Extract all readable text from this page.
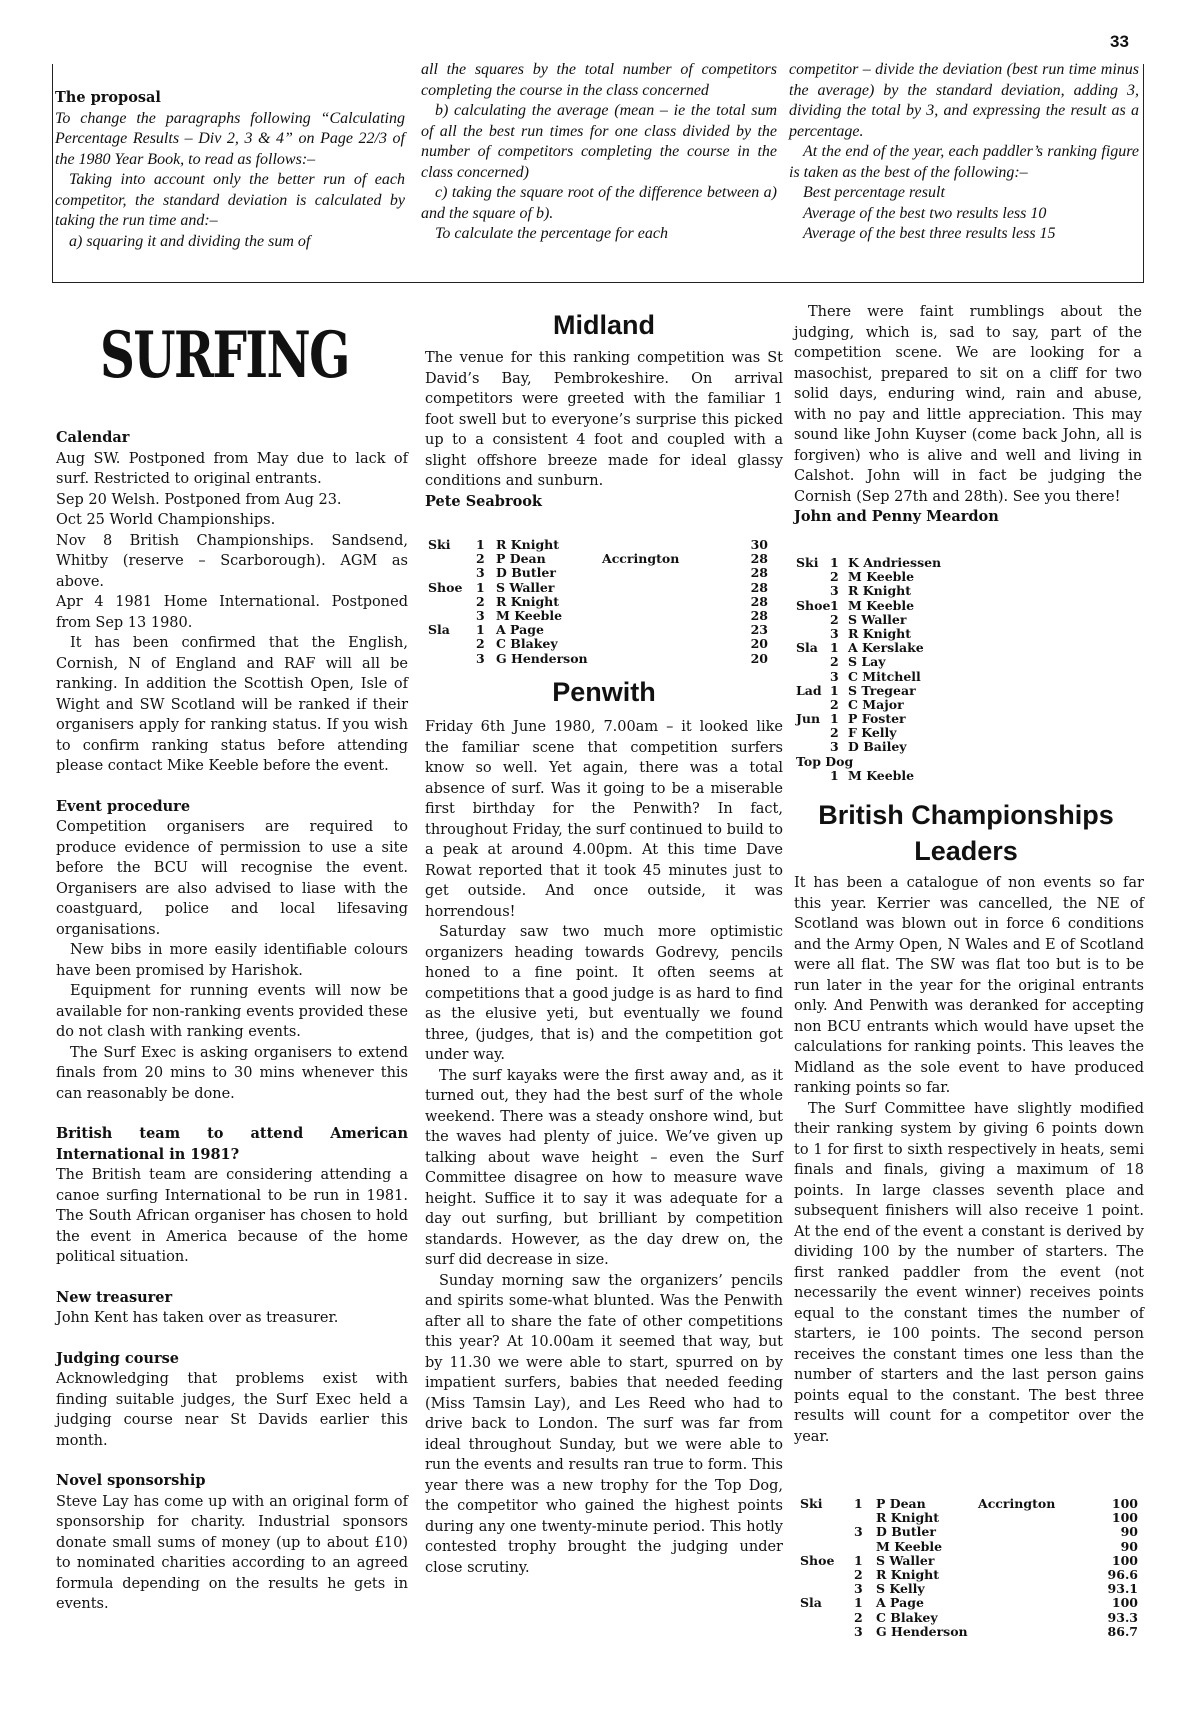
33

The proposal

To change the paragraphs following “Calculating Percentage Results – Div 2, 3 & 4” on Page 22/3 of the 1980 Year Book, to read as follows:–

Taking into account only the better run of each competitor, the standard deviation is calculated by taking the run time and:–

a) squaring it and dividing the sum of

all the squares by the total number of competitors completing the course in the class concerned

b) calculating the average (mean – ie the total sum of all the best run times for one class divided by the number of competitors completing the course in the class concerned)

c) taking the square root of the difference between a) and the square of b).

To calculate the percentage for each

competitor – divide the deviation (best run time minus the average) by the standard deviation, adding 3, dividing the total by 3, and expressing the result as a percentage.

At the end of the year, each paddler’s ranking figure is taken as the best of the following:–

Best percentage result

Average of the best two results less 10

Average of the best three results less 15

SURFING

Calendar

Aug SW. Postponed from May due to lack of surf. Restricted to original entrants.

Sep 20 Welsh. Postponed from Aug 23.

Oct 25 World Championships.

Nov 8 British Championships. Sandsend, Whitby (reserve – Scarborough). AGM as above.

Apr 4 1981 Home International. Postponed from Sep 13 1980.

It has been confirmed that the English, Cornish, N of England and RAF will all be ranking. In addition the Scottish Open, Isle of Wight and SW Scotland will be ranked if their organisers apply for ranking status. If you wish to confirm ranking status before attending please contact Mike Keeble before the event.

Event procedure

Competition organisers are required to produce evidence of permission to use a site before the BCU will recognise the event. Organisers are also advised to liase with the coastguard, police and local lifesaving organisations.

New bibs in more easily identifiable colours have been promised by Harishok.

Equipment for running events will now be available for non-ranking events provided these do not clash with ranking events.

The Surf Exec is asking organisers to extend finals from 20 mins to 30 mins whenever this can reasonably be done.

British team to attend American International in 1981?

The British team are considering attending a canoe surfing International to be run in 1981. The South African organiser has chosen to hold the event in America because of the home political situation.

New treasurer

John Kent has taken over as treasurer.

Judging course

Acknowledging that problems exist with finding suitable judges, the Surf Exec held a judging course near St Davids earlier this month.

Novel sponsorship

Steve Lay has come up with an original form of sponsorship for charity. Industrial sponsors donate small sums of money (up to about £10) to nominated charities according to an agreed formula depending on the results he gets in events.

Midland

The venue for this ranking competition was St David’s Bay, Pembrokeshire. On arrival competitors were greeted with the familiar 1 foot swell but to everyone’s surprise this picked up to a consistent 4 foot and coupled with a slight offshore breeze made for ideal glassy conditions and sunburn.

Pete Seabrook

Ski 1 R Knight	30
2 P Dean	Accrington	28
3 D Butler	28
Shoe 1 S Waller	28
2 R Knight	28
3 M Keeble	28
Sla 1 A Page	23
2 C Blakey	20
3 G Henderson	20
Penwith

Friday 6th June 1980, 7.00am – it looked like the familiar scene that competition surfers know so well. Yet again, there was a total absence of surf. Was it going to be a miserable first birthday for the Penwith? In fact, throughout Friday, the surf continued to build to a peak at around 4.00pm. At this time Dave Rowat reported that it took 45 minutes just to get outside. And once outside, it was horrendous!

Saturday saw two much more optimistic organizers heading towards Godrevy, pencils honed to a fine point. It often seems at competitions that a good judge is as hard to find as the elusive yeti, but eventually we found three, (judges, that is) and the competition got under way.

The surf kayaks were the first away and, as it turned out, they had the best surf of the whole weekend. There was a steady onshore wind, but the waves had plenty of juice. We’ve given up talking about wave height – even the Surf Committee disagree on how to measure wave height. Suffice it to say it was adequate for a day out surfing, but brilliant by competition standards. However, as the day drew on, the surf did decrease in size.

Sunday morning saw the organizers’ pencils and spirits some-what blunted. Was the Penwith after all to share the fate of other competitions this year? At 10.00am it seemed that way, but by 11.30 we were able to start, spurred on by impatient surfers, babies that needed feeding (Miss Tamsin Lay), and Les Reed who had to drive back to London. The surf was far from ideal throughout Sunday, but we were able to run the events and results ran true to form. This year there was a new trophy for the Top Dog, the competitor who gained the highest points during any one twenty-minute period. This hotly contested trophy brought the judging under close scrutiny.

There were faint rumblings about the judging, which is, sad to say, part of the competition scene. We are looking for a masochist, prepared to sit on a cliff for two solid days, enduring wind, rain and abuse, with no pay and little appreciation. This may sound like John Kuyser (come back John, all is forgiven) who is alive and well and living in Calshot. John will in fact be judging the Cornish (Sep 27th and 28th). See you there!

John and Penny Meardon

Ski 1 K Andriessen
2 M Keeble
3 R Knight
Shoe 1 M Keeble
2 S Waller
3 R Knight
Sla 1 A Kerslake
2 S Lay
3 C Mitchell
Lad 1 S Tregear
2 C Major
Jun 1 P Foster
2 F Kelly
3 D Bailey
Top Dog
1 M Keeble
British Championships
Leaders

It has been a catalogue of non events so far this year. Kerrier was cancelled, the NE of Scotland was blown out in force 6 conditions and the Army Open, N Wales and E of Scotland were all flat. The SW was flat too but is to be run later in the year for the original entrants only. And Penwith was deranked for accepting non BCU entrants which would have upset the calculations for ranking points. This leaves the Midland as the sole event to have produced ranking points so far.

The Surf Committee have slightly modified their ranking system by giving 6 points down to 1 for first to sixth respectively in heats, semi finals and finals, giving a maximum of 18 points. In large classes seventh place and subsequent finishers will also receive 1 point. At the end of the event a constant is derived by dividing 100 by the number of starters. The first ranked paddler from the event (not necessarily the event winner) receives points equal to the constant times the number of starters, ie 100 points. The second person receives the constant times one less than the number of starters and the last person gains points equal to the constant. The best three results will count for a competitor over the year.

Ski	1 P Dean	Accrington	100
R Knight	100
3 D Butler	90
M Keeble	90
Shoe 1 S Waller	100
2 R Knight	96.6
3 S Kelly	93.1
Sla	1 A Page	100
2 C Blakey	93.3
3 G Henderson	86.7
